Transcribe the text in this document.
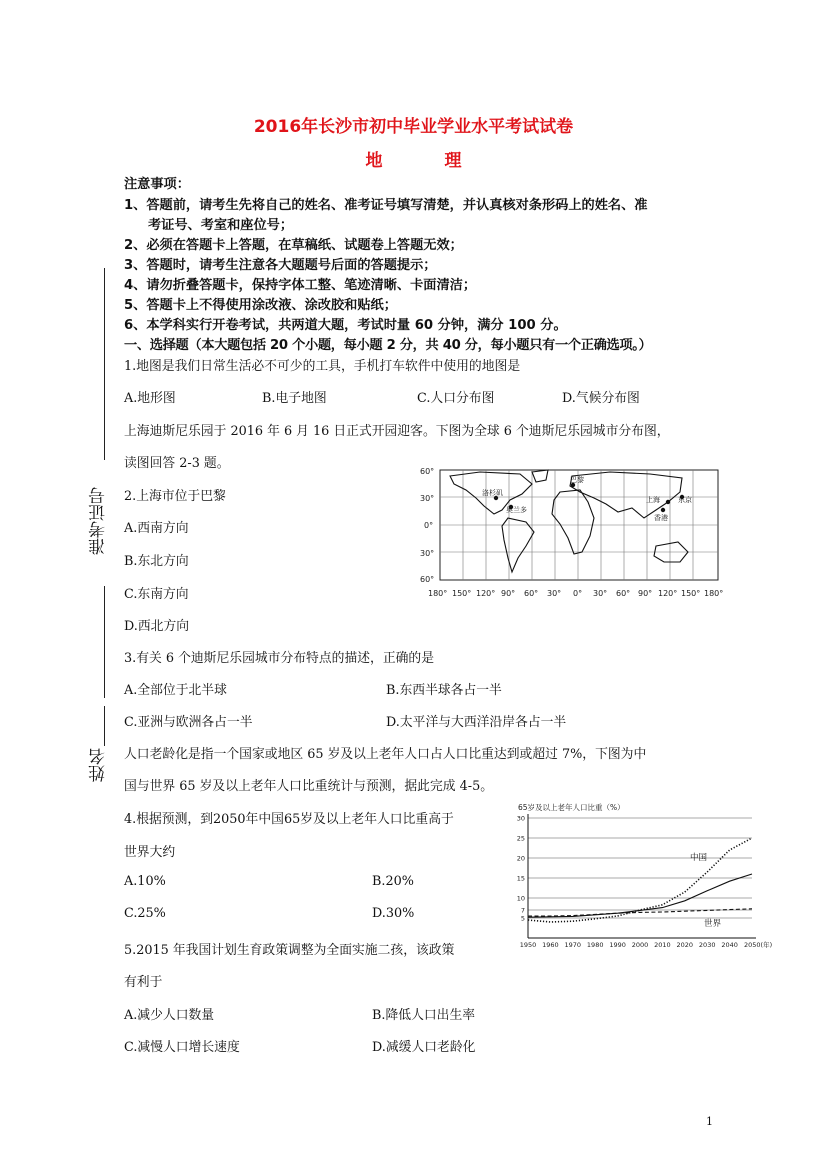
2016年长沙市初中毕业学业水平考试试卷
地 理
准考证号
姓名
注意事项：
1、答题前，请考生先将自己的姓名、准考证号填写清楚，并认真核对条形码上的姓名、准
考证号、考室和座位号；
2、必须在答题卡上答题，在草稿纸、试题卷上答题无效；
3、答题时，请考生注意各大题题号后面的答题提示；
4、请勿折叠答题卡，保持字体工整、笔迹清晰、卡面清洁；
5、答题卡上不得使用涂改液、涂改胶和贴纸；
6、本学科实行开卷考试，共两道大题，考试时量 60 分钟，满分 100 分。
一、选择题（本大题包括 20 个小题，每小题 2 分，共 40 分，每小题只有一个正确选项。）
1.地图是我们日常生活必不可少的工具，手机打车软件中使用的地图是
A.地形图	B.电子地图	C.人口分布图	D.气候分布图
上海迪斯尼乐园于 2016 年 6 月 16 日正式开园迎客。下图为全球 6 个迪斯尼乐园城市分布图，
读图回答 2-3 题。
2.上海市位于巴黎
A.西南方向
B.东北方向
C.东南方向
D.西北方向
洛杉矶
奥兰多
巴黎
上海	东京
香港
60°
30°
0°
30°
60°
180° 150° 120° 90° 60° 30° 0° 30° 60° 90° 120° 150° 180°
3.有关 6 个迪斯尼乐园城市分布特点的描述，正确的是
A.全部位于北半球	B.东西半球各占一半
C.亚洲与欧洲各占一半	D.太平洋与大西洋沿岸各占一半
人口老龄化是指一个国家或地区 65 岁及以上老年人口占人口比重达到或超过 7%，下图为中
国与世界 65 岁及以上老年人口比重统计与预测，据此完成 4-5。
4.根据预测，到2050年中国65岁及以上老年人口比重高于
世界大约
A.10%	B.20%
C.25%	D.30%
5.2015 年我国计划生育政策调整为全面实施二孩，该政策
有利于
A.减少人口数量	B.降低人口出生率
C.减慢人口增长速度	D.减缓人口老龄化
65岁及以上老年人口比重（%）
5
7
10
15
20
25
30
1950 1960 1970 1980 1990 2000 2010 2020 2030 2040 2050(年)
中国
世界
1
